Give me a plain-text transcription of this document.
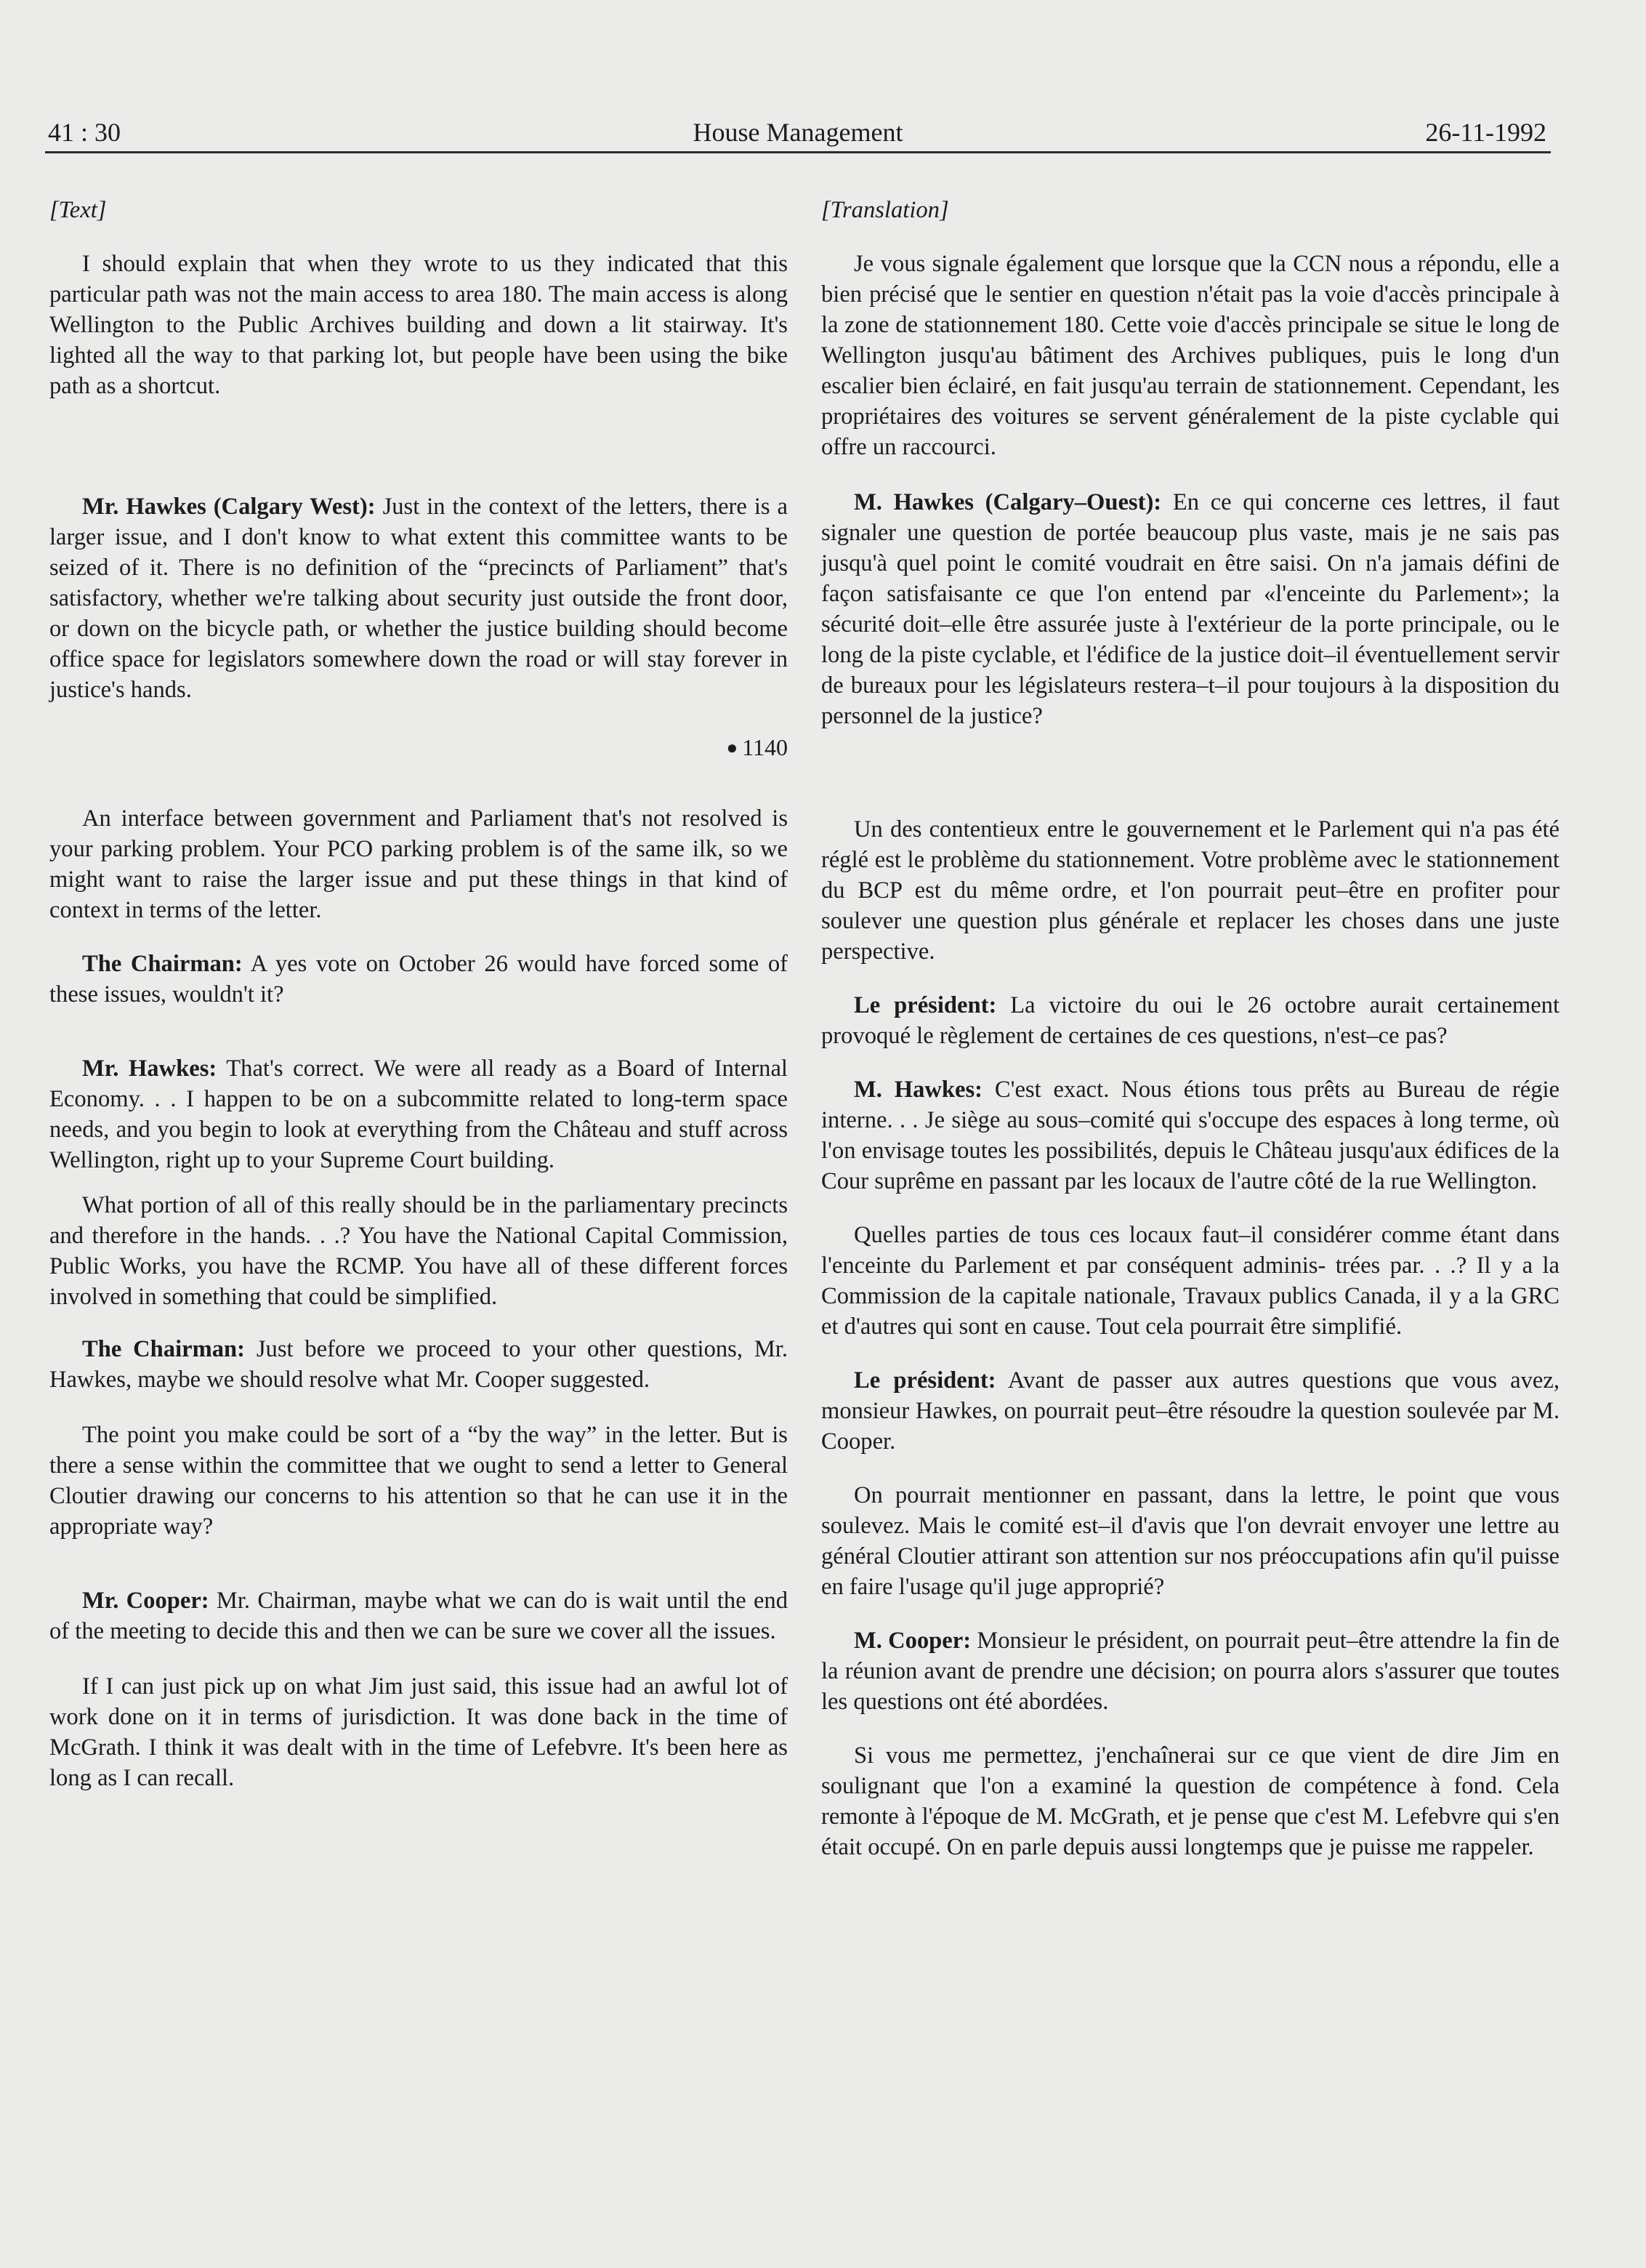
41 : 30	House Management	26-11-1992

[Text]

I should explain that when they wrote to us they indicated that this particular path was not the main access to area 180. The main access is along Wellington to the Public Archives building and down a lit stairway. It's lighted all the way to that parking lot, but people have been using the bike path as a shortcut.

Mr. Hawkes (Calgary West): Just in the context of the letters, there is a larger issue, and I don't know to what extent this committee wants to be seized of it. There is no definition of the “precincts of Parliament” that's satisfactory, whether we're talking about security just outside the front door, or down on the bicycle path, or whether the justice building should become office space for legislators somewhere down the road or will stay forever in justice's hands.

● 1140

An interface between government and Parliament that's not resolved is your parking problem. Your PCO parking problem is of the same ilk, so we might want to raise the larger issue and put these things in that kind of context in terms of the letter.

The Chairman: A yes vote on October 26 would have forced some of these issues, wouldn't it?

Mr. Hawkes: That's correct. We were all ready as a Board of Internal Economy. . . I happen to be on a subcommitte related to long-term space needs, and you begin to look at everything from the Château and stuff across Wellington, right up to your Supreme Court building.

What portion of all of this really should be in the parliamentary precincts and therefore in the hands. . .? You have the National Capital Commission, Public Works, you have the RCMP. You have all of these different forces involved in something that could be simplified.

The Chairman: Just before we proceed to your other questions, Mr. Hawkes, maybe we should resolve what Mr. Cooper suggested.

The point you make could be sort of a “by the way” in the letter. But is there a sense within the committee that we ought to send a letter to General Cloutier drawing our concerns to his attention so that he can use it in the appropriate way?

Mr. Cooper: Mr. Chairman, maybe what we can do is wait until the end of the meeting to decide this and then we can be sure we cover all the issues.

If I can just pick up on what Jim just said, this issue had an awful lot of work done on it in terms of jurisdiction. It was done back in the time of McGrath. I think it was dealt with in the time of Lefebvre. It's been here as long as I can recall.

[Translation]

Je vous signale également que lorsque que la CCN nous a répondu, elle a bien précisé que le sentier en question n'était pas la voie d'accès principale à la zone de stationnement 180. Cette voie d'accès principale se situe le long de Wellington jusqu'au bâtiment des Archives publiques, puis le long d'un escalier bien éclairé, en fait jusqu'au terrain de stationnement. Cependant, les propriétaires des voitures se servent généralement de la piste cyclable qui offre un raccourci.

M. Hawkes (Calgary–Ouest): En ce qui concerne ces lettres, il faut signaler une question de portée beaucoup plus vaste, mais je ne sais pas jusqu'à quel point le comité voudrait en être saisi. On n'a jamais défini de façon satisfaisante ce que l'on entend par «l'enceinte du Parlement»; la sécurité doit–elle être assurée juste à l'extérieur de la porte principale, ou le long de la piste cyclable, et l'édifice de la justice doit–il éventuellement servir de bureaux pour les législateurs restera–t–il pour toujours à la disposition du personnel de la justice?

Un des contentieux entre le gouvernement et le Parlement qui n'a pas été réglé est le problème du stationnement. Votre problème avec le stationnement du BCP est du même ordre, et l'on pourrait peut–être en profiter pour soulever une question plus générale et replacer les choses dans une juste perspective.

Le président: La victoire du oui le 26 octobre aurait certainement provoqué le règlement de certaines de ces questions, n'est–ce pas?

M. Hawkes: C'est exact. Nous étions tous prêts au Bureau de régie interne. . . Je siège au sous–comité qui s'occupe des espaces à long terme, où l'on envisage toutes les possibilités, depuis le Château jusqu'aux édifices de la Cour suprême en passant par les locaux de l'autre côté de la rue Wellington.

Quelles parties de tous ces locaux faut–il considérer comme étant dans l'enceinte du Parlement et par conséquent adminis- trées par. . .? Il y a la Commission de la capitale nationale, Travaux publics Canada, il y a la GRC et d'autres qui sont en cause. Tout cela pourrait être simplifié.

Le président: Avant de passer aux autres questions que vous avez, monsieur Hawkes, on pourrait peut–être résoudre la question soulevée par M. Cooper.

On pourrait mentionner en passant, dans la lettre, le point que vous soulevez. Mais le comité est–il d'avis que l'on devrait envoyer une lettre au général Cloutier attirant son attention sur nos préoccupations afin qu'il puisse en faire l'usage qu'il juge approprié?

M. Cooper: Monsieur le président, on pourrait peut–être attendre la fin de la réunion avant de prendre une décision; on pourra alors s'assurer que toutes les questions ont été abordées.

Si vous me permettez, j'enchaînerai sur ce que vient de dire Jim en soulignant que l'on a examiné la question de compétence à fond. Cela remonte à l'époque de M. McGrath, et je pense que c'est M. Lefebvre qui s'en était occupé. On en parle depuis aussi longtemps que je puisse me rappeler.
